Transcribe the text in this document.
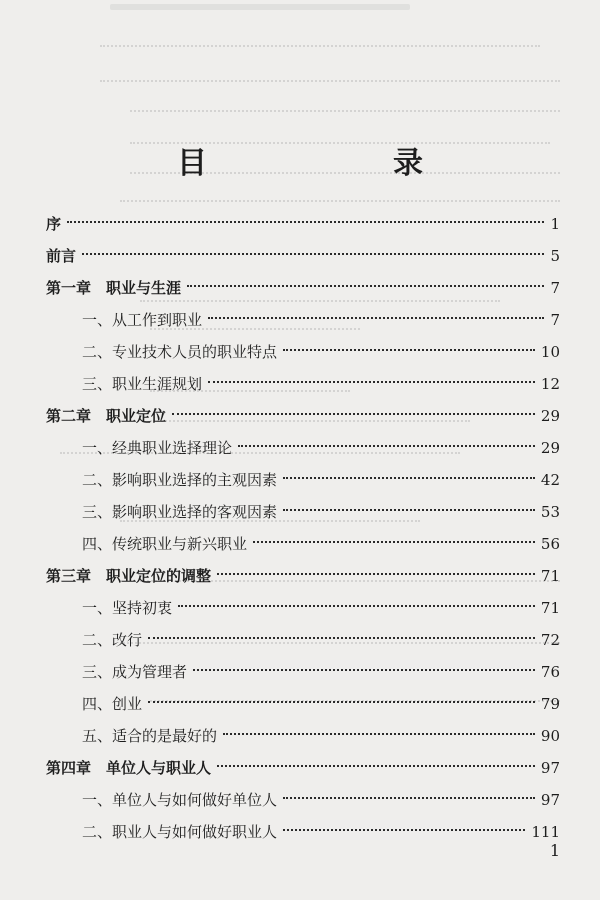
目　录
序	1
前言	5
第一章　职业与生涯	7
一、从工作到职业	7
二、专业技术人员的职业特点	10
三、职业生涯规划	12
第二章　职业定位	29
一、经典职业选择理论	29
二、影响职业选择的主观因素	42
三、影响职业选择的客观因素	53
四、传统职业与新兴职业	56
第三章　职业定位的调整	71
一、坚持初衷	71
二、改行	72
三、成为管理者	76
四、创业	79
五、适合的是最好的	90
第四章　单位人与职业人	97
一、单位人与如何做好单位人	97
二、职业人与如何做好职业人	111
1
